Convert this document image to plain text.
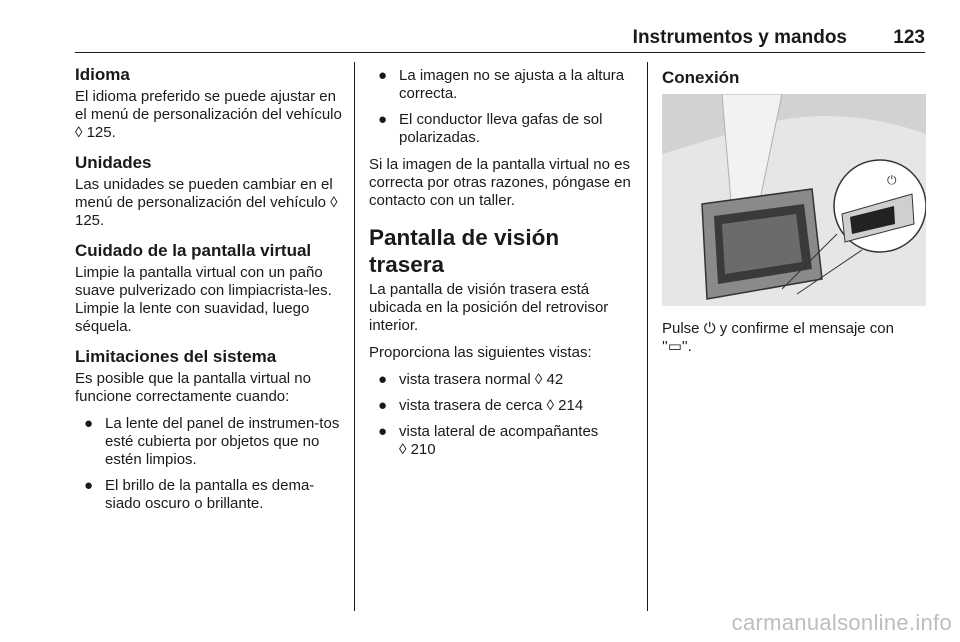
Instrumentos y mandos 123
Idioma

El idioma preferido se puede ajustar en el menú de personalización del vehículo ◊ 125.

Unidades

Las unidades se pueden cambiar en el menú de personalización del vehículo ◊ 125.

Cuidado de la pantalla virtual

Limpie la pantalla virtual con un paño suave pulverizado con limpiacrista-les. Limpie la lente con suavidad, luego séquela.

Limitaciones del sistema

Es posible que la pantalla virtual no funcione correctamente cuando:

● La lente del panel de instrumen-tos esté cubierta por objetos que no estén limpios.
● El brillo de la pantalla es dema-siado oscuro o brillante.
● La imagen no se ajusta a la altura correcta.
● El conductor lleva gafas de sol polarizadas.

Si la imagen de la pantalla virtual no es correcta por otras razones, póngase en contacto con un taller.

Pantalla de visión trasera

La pantalla de visión trasera está ubicada en la posición del retrovisor interior.

Proporciona las siguientes vistas:

● vista trasera normal ◊ 42
● vista trasera de cerca ◊ 214
● vista lateral de acompañantes
◊ 210
Conexión
⏻

Pulse ⏻ y confirme el mensaje con
''▭''.

carmanualsonline.info
